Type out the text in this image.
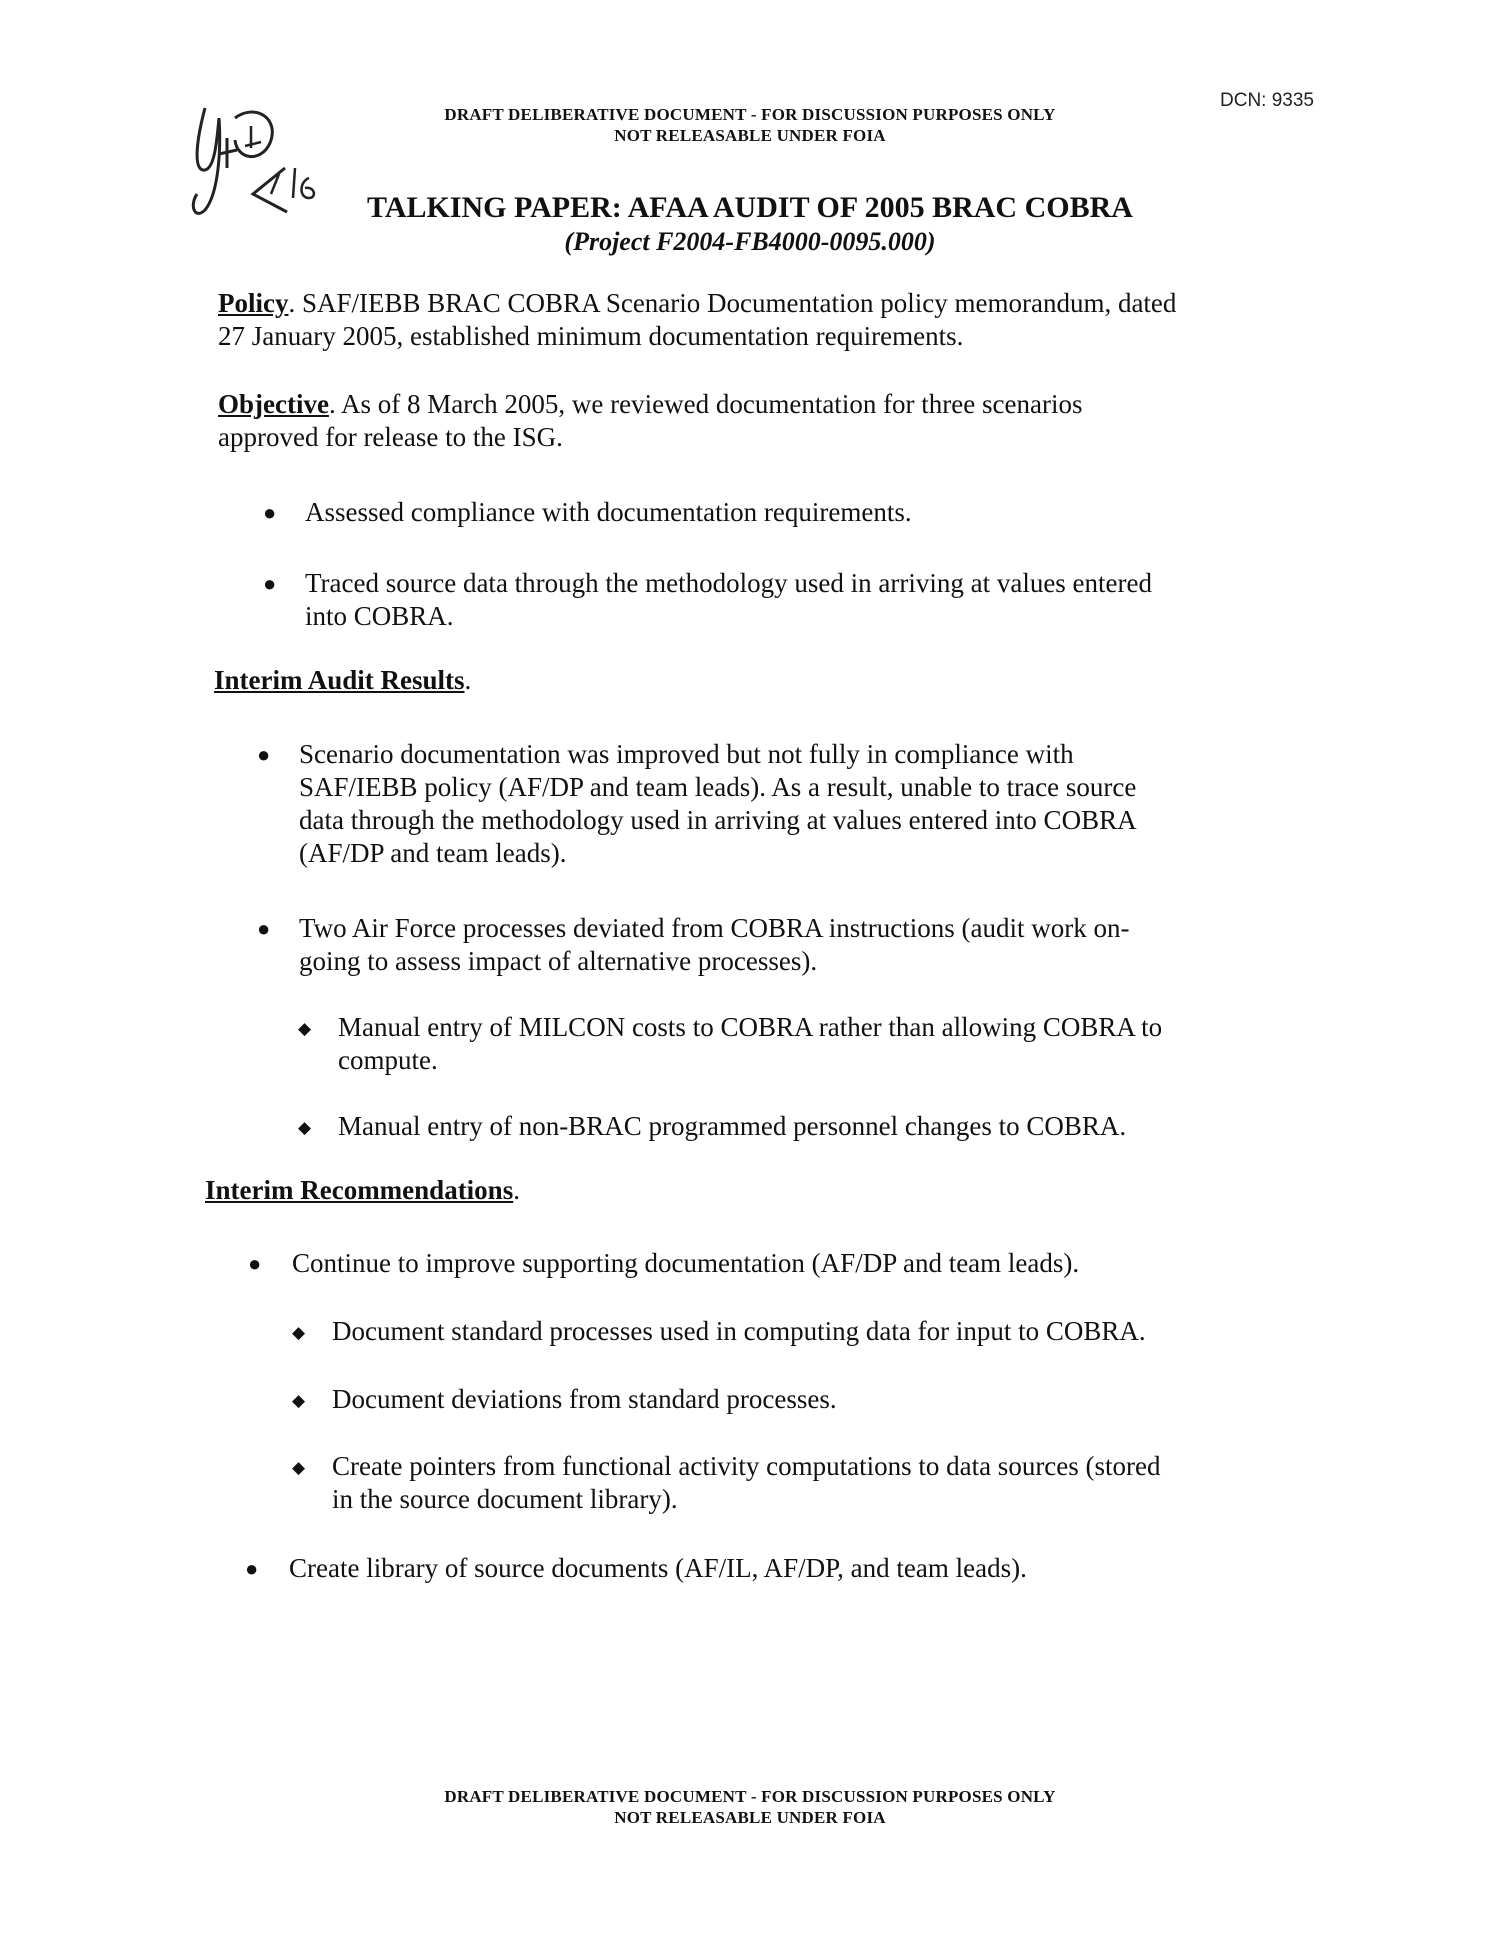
DRAFT DELIBERATIVE DOCUMENT - FOR DISCUSSION PURPOSES ONLY
NOT RELEASABLE UNDER FOIA
DCN: 9335
TALKING PAPER: AFAA AUDIT OF 2005 BRAC COBRA
(Project F2004-FB4000-0095.000)
Policy. SAF/IEBB BRAC COBRA Scenario Documentation policy memorandum, dated
27 January 2005, established minimum documentation requirements.
Objective. As of 8 March 2005, we reviewed documentation for three scenarios
approved for release to the ISG.
● Assessed compliance with documentation requirements.
● Traced source data through the methodology used in arriving at values entered
into COBRA.
Interim Audit Results.
● Scenario documentation was improved but not fully in compliance with
SAF/IEBB policy (AF/DP and team leads). As a result, unable to trace source
data through the methodology used in arriving at values entered into COBRA
(AF/DP and team leads).
● Two Air Force processes deviated from COBRA instructions (audit work on-
going to assess impact of alternative processes).
◆ Manual entry of MILCON costs to COBRA rather than allowing COBRA to
compute.
◆ Manual entry of non-BRAC programmed personnel changes to COBRA.
Interim Recommendations.
● Continue to improve supporting documentation (AF/DP and team leads).
◆ Document standard processes used in computing data for input to COBRA.
◆ Document deviations from standard processes.
◆ Create pointers from functional activity computations to data sources (stored
in the source document library).
● Create library of source documents (AF/IL, AF/DP, and team leads).
DRAFT DELIBERATIVE DOCUMENT - FOR DISCUSSION PURPOSES ONLY
NOT RELEASABLE UNDER FOIA
